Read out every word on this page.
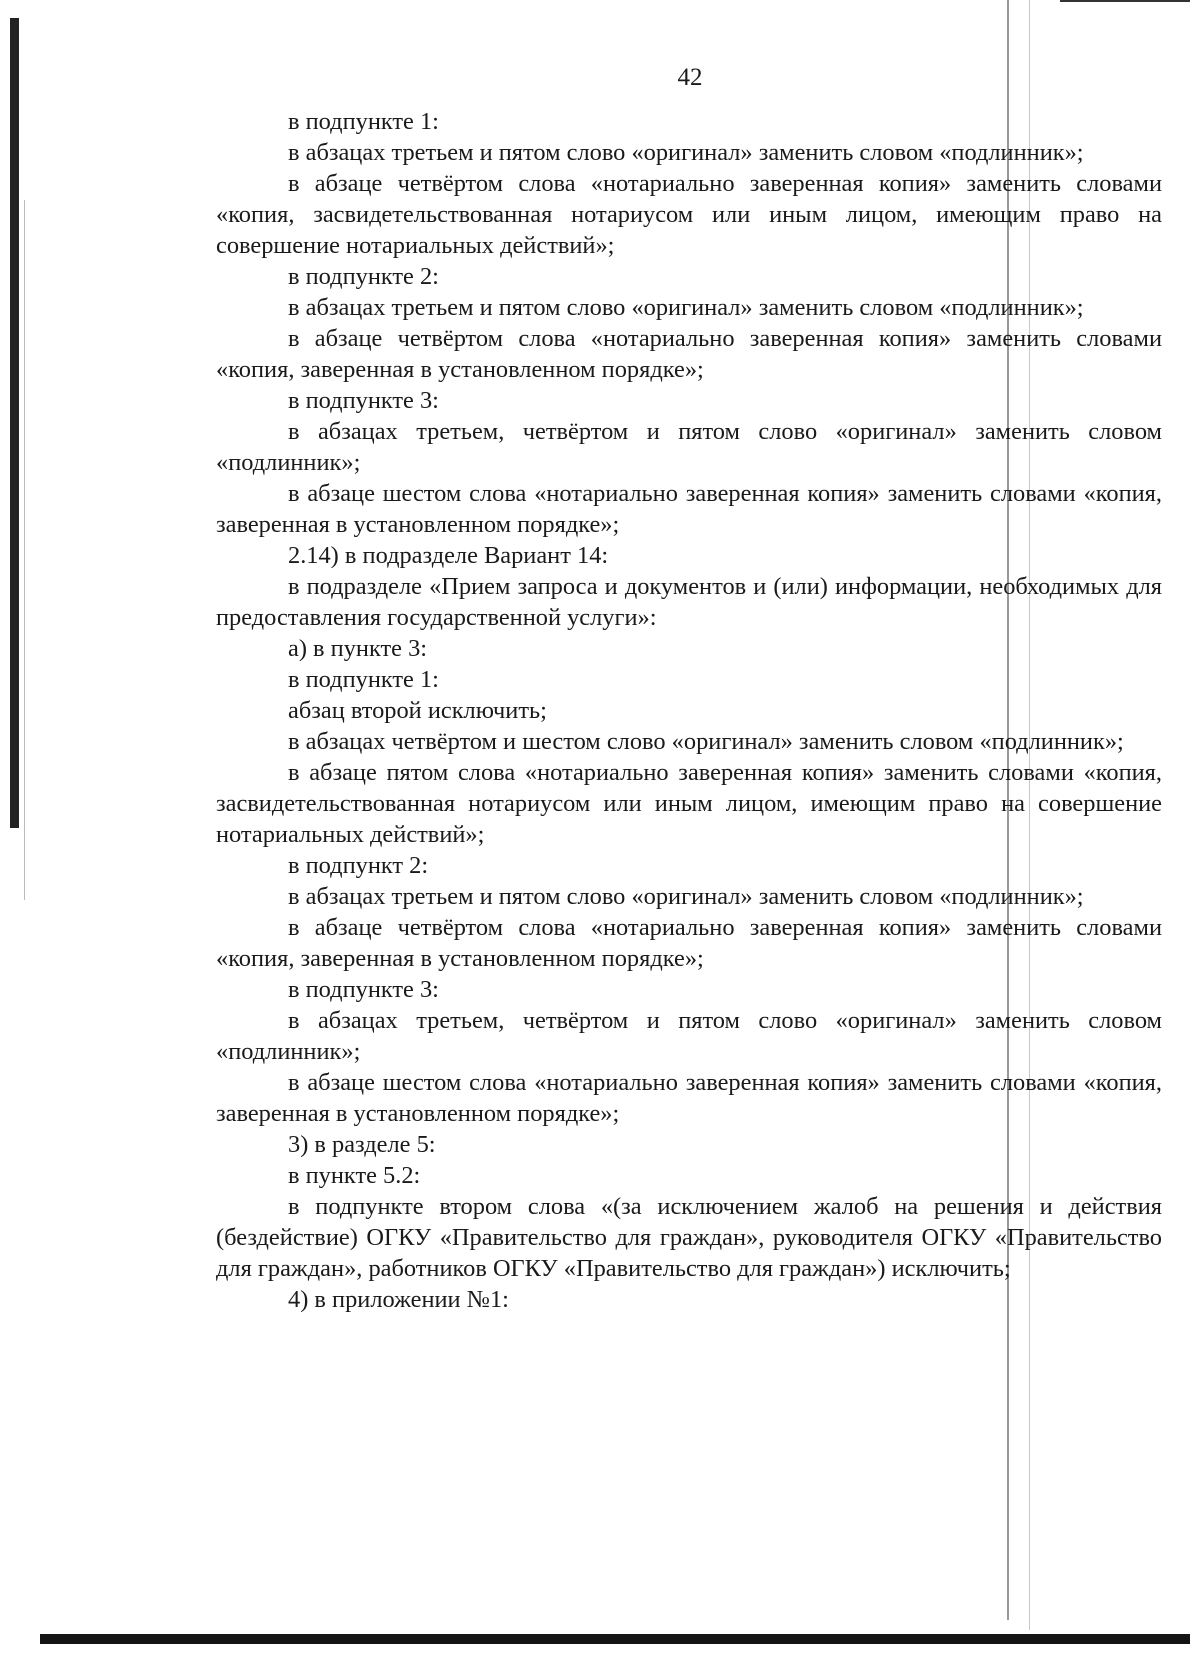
42

в подпункте 1:

в абзацах третьем и пятом слово «оригинал» заменить словом «подлинник»;

в абзаце четвёртом слова «нотариально заверенная копия» заменить словами «копия, засвидетельствованная нотариусом или иным лицом, имеющим право на совершение нотариальных действий»;

в подпункте 2:

в абзацах третьем и пятом слово «оригинал» заменить словом «подлинник»;

в абзаце четвёртом слова «нотариально заверенная копия» заменить словами «копия, заверенная в установленном порядке»;

в подпункте 3:

в абзацах третьем, четвёртом и пятом слово «оригинал» заменить словом «подлинник»;

в абзаце шестом слова «нотариально заверенная копия» заменить словами «копия, заверенная в установленном порядке»;

2.14) в подразделе Вариант 14:

в подразделе «Прием запроса и документов и (или) информации, необходимых для предоставления государственной услуги»:

а) в пункте 3:

в подпункте 1:

абзац второй исключить;

в абзацах четвёртом и шестом слово «оригинал» заменить словом «подлинник»;

в абзаце пятом слова «нотариально заверенная копия» заменить словами «копия, засвидетельствованная нотариусом или иным лицом, имеющим право на совершение нотариальных действий»;

в подпункт 2:

в абзацах третьем и пятом слово «оригинал» заменить словом «подлинник»;

в абзаце четвёртом слова «нотариально заверенная копия» заменить словами «копия, заверенная в установленном порядке»;

в подпункте 3:

в абзацах третьем, четвёртом и пятом слово «оригинал» заменить словом «подлинник»;

в абзаце шестом слова «нотариально заверенная копия» заменить словами «копия, заверенная в установленном порядке»;

3) в разделе 5:

в пункте 5.2:

в подпункте втором слова «(за исключением жалоб на решения и действия (бездействие) ОГКУ «Правительство для граждан», руководителя ОГКУ «Правительство для граждан», работников ОГКУ «Правительство для граждан») исключить;

4) в приложении №1:
